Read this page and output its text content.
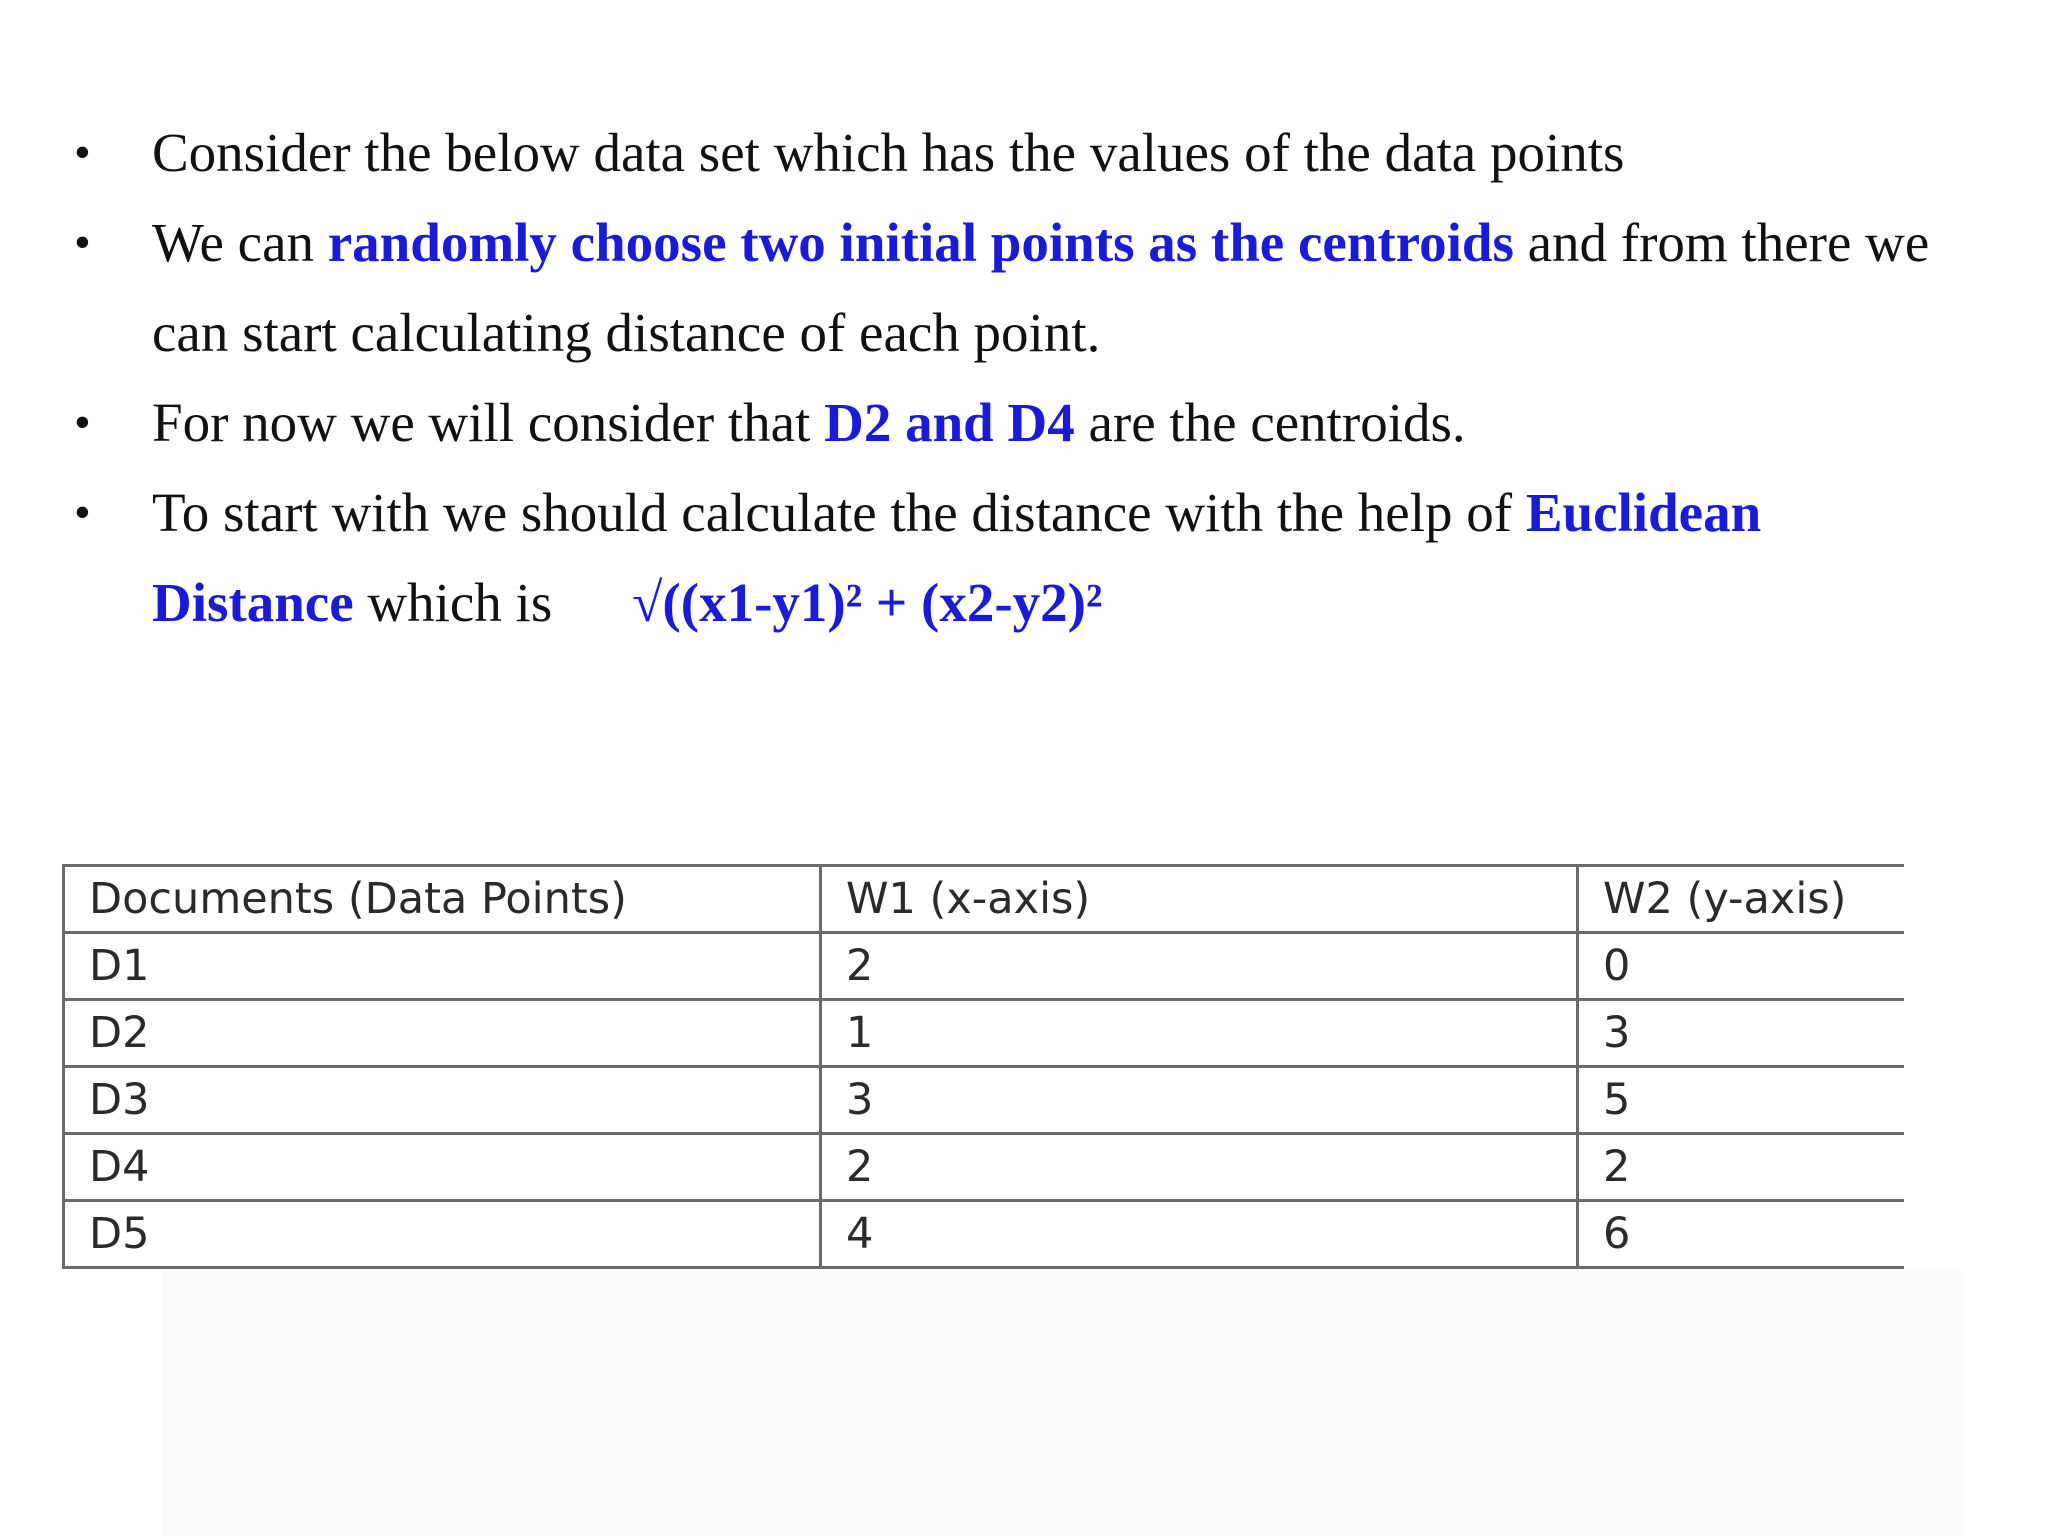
• Consider the below data set which has the values of the data points
• We can randomly choose two initial points as the centroids and from there we can start calculating distance of each point.
• For now we will consider that D2 and D4 are the centroids.
• To start with we should calculate the distance with the help of Euclidean Distance which is √((x1-y1)² + (x2-y2)²
Documents (Data Points)	W1 (x-axis)	W2 (y-axis)
D1	2	0
D2	1	3
D3	3	5
D4	2	2
D5	4	6
